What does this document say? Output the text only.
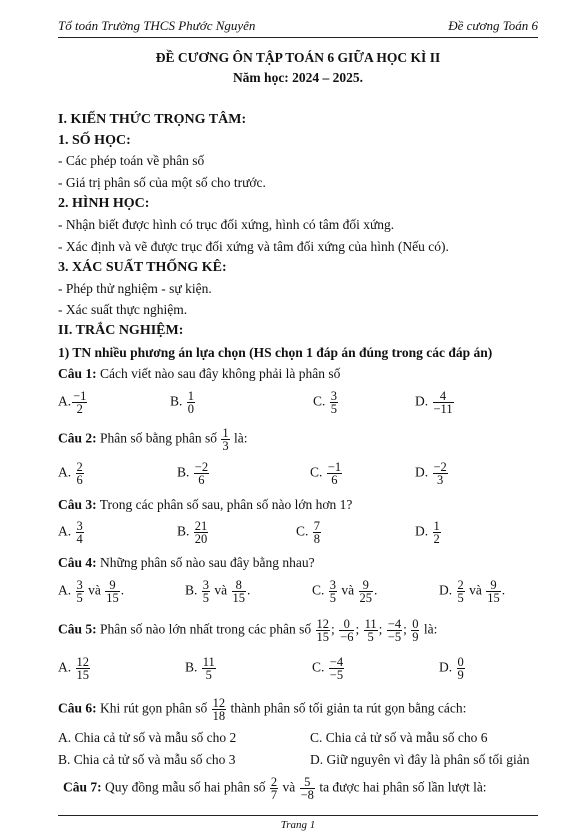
Tổ toán Trường THCS Phước Nguyên	Đề cương Toán 6
ĐỀ CƯƠNG ÔN TẬP TOÁN 6 GIỮA HỌC KÌ II
Năm học: 2024 – 2025.
I. KIẾN THỨC TRỌNG TÂM:
1. SỐ HỌC:
- Các phép toán về phân số
- Giá trị phân số của một số cho trước.
2. HÌNH HỌC:
- Nhận biết được hình có trục đối xứng, hình có tâm đối xứng.
- Xác định và vẽ được trục đối xứng và tâm đối xứng của hình (Nếu có).
3. XÁC SUẤT THỐNG KÊ:
- Phép thử nghiệm - sự kiện.
- Xác suất thực nghiệm.
II. TRẮC NGHIỆM:
1) TN nhiều phương án lựa chọn (HS chọn 1 đáp án đúng trong các đáp án)
Câu 1: Cách viết nào sau đây không phải là phân số
A. $\frac{-1}{2}$	B. $\frac{1}{0}$	C. $\frac{3}{5}$	D. $\frac{4}{-11}$
Câu 2: Phân số bằng phân số $\frac{1}{3}$ là:
A. $\frac{2}{6}$	B. $\frac{-2}{6}$	C. $\frac{-1}{6}$	D. $\frac{-2}{3}$
Câu 3: Trong các phân số sau, phân số nào lớn hơn 1?
A. $\frac{3}{4}$	B. $\frac{21}{20}$	C. $\frac{7}{8}$	D. $\frac{1}{2}$
Câu 4: Những phân số nào sau đây bằng nhau?
A. $\frac{3}{5}$ và $\frac{9}{15}$ .	B. $\frac{3}{5}$ và $\frac{8}{15}$ .	C. $\frac{3}{5}$ và $\frac{9}{25}$ .	D. $\frac{2}{5}$ và $\frac{9}{15}$ .
Câu 5: Phân số nào lớn nhất trong các phân số $\frac{12}{15}$ ; $\frac{0}{-6}$ ; $\frac{11}{5}$ ; $\frac{-4}{-5}$ ; $\frac{0}{9}$ là:
A. $\frac{12}{15}$	B. $\frac{11}{5}$	C. $\frac{-4}{-5}$	D. $\frac{0}{9}$
Câu 6: Khi rút gọn phân số $\frac{12}{18}$ thành phân số tối giản ta rút gọn bằng cách:
A. Chia cả tử số và mẫu số cho 2	C. Chia cả tử số và mẫu số cho 6
B. Chia cả tử số và mẫu số cho 3	D. Giữ nguyên vì đây là phân số tối giản
Câu 7: Quy đồng mẫu số hai phân số $\frac{2}{7}$ và $\frac{5}{-8}$ ta được hai phân số lần lượt là:
Trang 1
